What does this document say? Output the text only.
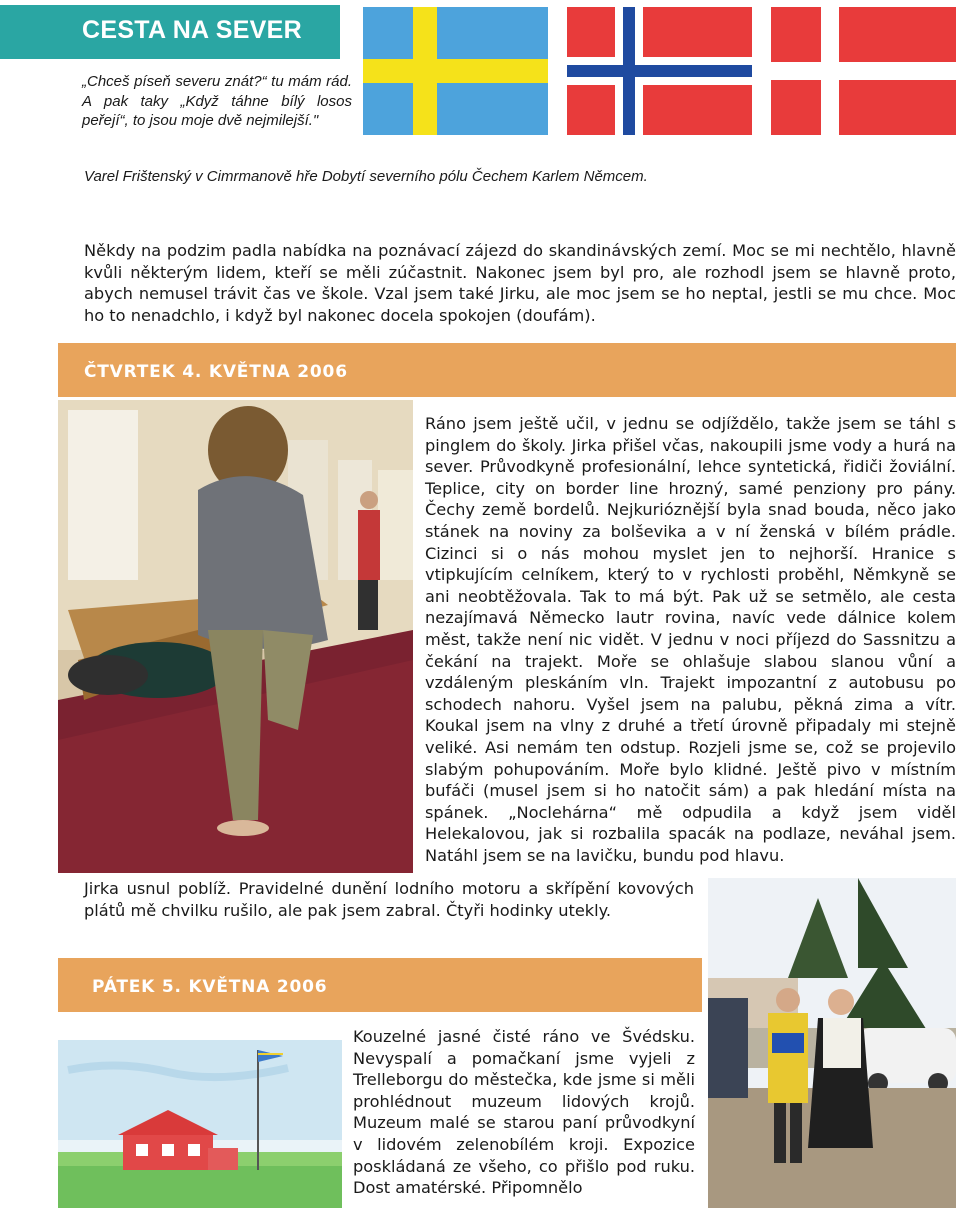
CESTA NA SEVER
„Chceš píseň severu znát?“ tu mám rád. A pak taky „Když táhne bílý losos peřejí“, to jsou moje dvě nejmilejší."
Varel Frištenský v Cimrmanově hře Dobytí severního pólu Čechem Karlem Němcem.
Někdy na podzim padla nabídka na poznávací zájezd do skandinávských zemí. Moc se mi nechtělo, hlavně kvůli některým lidem, kteří se měli zúčastnit. Nakonec jsem byl pro, ale rozhodl jsem se hlavně proto, abych nemusel trávit čas ve škole. Vzal jsem také Jirku, ale moc jsem se ho neptal, jestli se mu chce. Moc ho to nenadchlo, i když byl nakonec docela spokojen (doufám).
ČTVRTEK 4. KVĚTNA 2006
Ráno jsem ještě učil, v jednu se odjíždělo, takže jsem se táhl s pinglem do školy. Jirka přišel včas, nakoupili jsme vody a hurá na sever. Průvodkyně profesionální, lehce syntetická, řidiči žoviální. Teplice, city on border line hrozný, samé penziony pro pány. Čechy země bordelů. Nejkurióznější byla snad bouda, něco jako stánek na noviny za bolševika a v ní ženská v bílém prádle. Cizinci si o nás mohou myslet jen to nejhorší. Hranice s vtipkujícím celníkem, který to v rychlosti proběhl, Němkyně se ani neobtěžovala. Tak to má být. Pak už se setmělo, ale cesta nezajímavá Německo lautr rovina, navíc vede dálnice kolem měst, takže není nic vidět. V jednu v noci příjezd do Sassnitzu a čekání na trajekt. Moře se ohlašuje slabou slanou vůní a vzdáleným pleskáním vln. Trajekt impozantní z autobusu po schodech nahoru. Vyšel jsem na palubu, pěkná zima a vítr. Koukal jsem na vlny z druhé a třetí úrovně připadaly mi stejně veliké. Asi nemám ten odstup. Rozjeli jsme se, což se projevilo slabým pohupováním. Moře bylo klidné. Ještě pivo v místním bufáči (musel jsem si ho natočit sám) a pak hledání místa na spánek. „Noclehárna“ mě odpudila a když jsem viděl Helekalovou, jak si rozbalila spacák na podlaze, neváhal jsem. Natáhl jsem se na lavičku, bundu pod hlavu.
Jirka usnul poblíž. Pravidelné dunění lodního motoru a skřípění kovových plátů mě chvilku rušilo, ale pak jsem zabral. Čtyři hodinky utekly.
PÁTEK 5. KVĚTNA 2006
Kouzelné jasné čisté ráno ve Švédsku. Nevyspalí a pomačkaní jsme vyjeli z Trelleborgu do městečka, kde jsme si měli prohlédnout muzeum lidových krojů. Muzeum malé se starou paní průvodkyní v lidovém zelenobílém kroji. Expozice poskládaná ze všeho, co přišlo pod ruku. Dost amatérské. Připomnělo
